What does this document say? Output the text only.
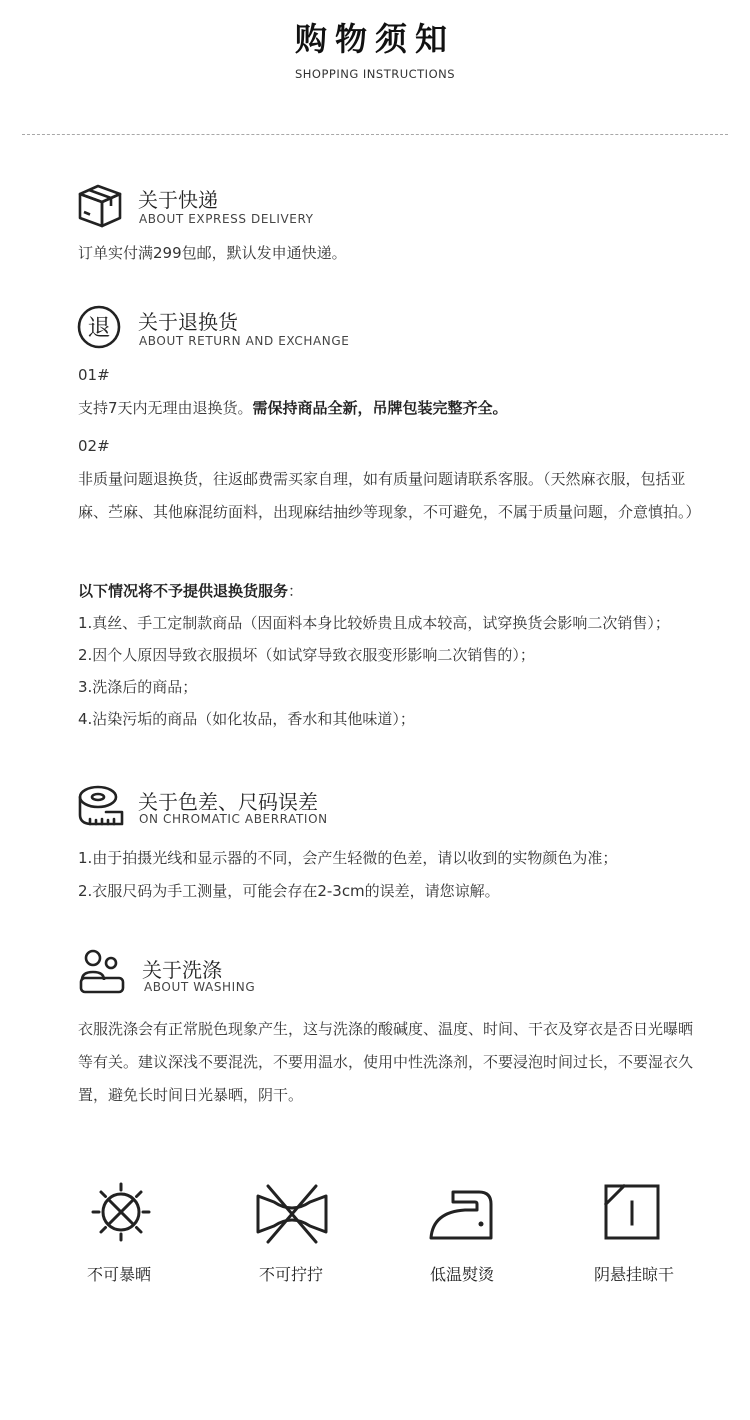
购物须知
SHOPPING INSTRUCTIONS
关于快递
ABOUT EXPRESS DELIVERY
订单实付满299包邮，默认发申通快递。
退 关于退换货
ABOUT RETURN AND EXCHANGE
01#
支持7天内无理由退换货。需保持商品全新，吊牌包装完整齐全。
02#
非质量问题退换货，往返邮费需买家自理，如有质量问题请联系客服。（天然麻衣服，包括亚麻、苎麻、其他麻混纺面料，出现麻结抽纱等现象，不可避免，不属于质量问题，介意慎拍。）
以下情况将不予提供退换货服务：
1.真丝、手工定制款商品（因面料本身比较娇贵且成本较高，试穿换货会影响二次销售）；
2.因个人原因导致衣服损坏（如试穿导致衣服变形影响二次销售的）；
3.洗涤后的商品；
4.沾染污垢的商品（如化妆品，香水和其他味道）；
关于色差、尺码误差
ON CHROMATIC ABERRATION
1.由于拍摄光线和显示器的不同，会产生轻微的色差，请以收到的实物颜色为准；
2.衣服尺码为手工测量，可能会存在2-3cm的误差，请您谅解。
关于洗涤
ABOUT WASHING
衣服洗涤会有正常脱色现象产生，这与洗涤的酸碱度、温度、时间、干衣及穿衣是否日光曝晒等有关。建议深浅不要混洗，不要用温水，使用中性洗涤剂，不要浸泡时间过长，不要湿衣久置，避免长时间日光暴晒，阴干。
不可暴晒	不可拧拧	低温熨烫	阴悬挂晾干
